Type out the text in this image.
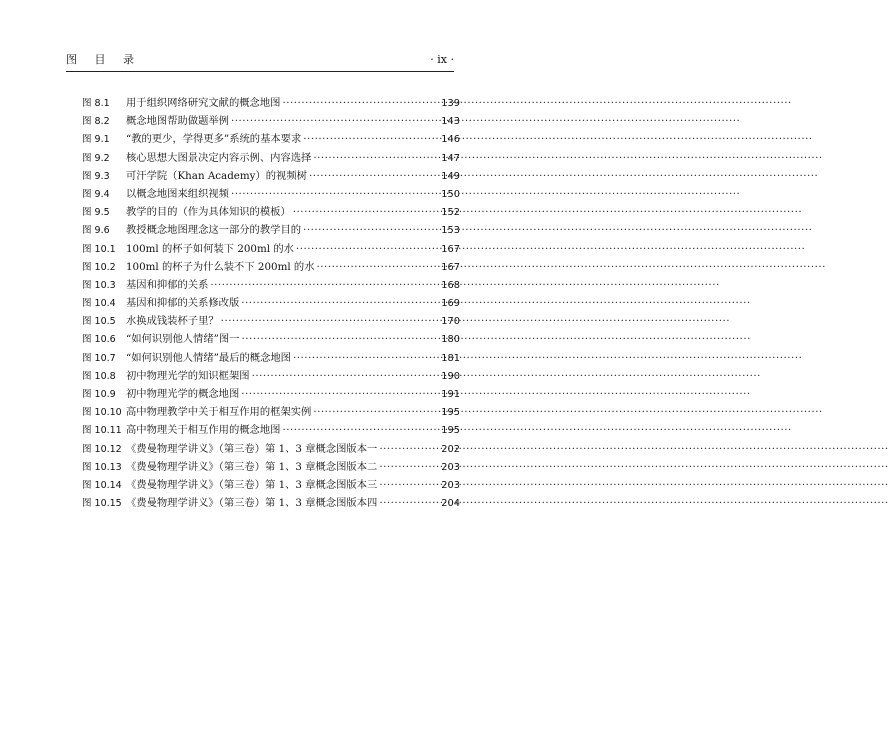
图 目 录	· ix ·
图 8.1	用于组织网络研究文献的概念地图 ·····	139
图 8.2	概念地图帮助做题举例 ·····	143
图 9.1	“教的更少，学得更多”系统的基本要求 ·····	146
图 9.2	核心思想大图景决定内容示例、内容选择 ·····	147
图 9.3	可汗学院（Khan Academy）的视频树 ·····	149
图 9.4	以概念地图来组织视频 ·····	150
图 9.5	教学的目的（作为具体知识的模板） ·····	152
图 9.6	教授概念地图理念这一部分的教学目的 ·····	153
图 10.1	100ml 的杯子如何装下 200ml 的水 ·····	167
图 10.2	100ml 的杯子为什么装不下 200ml 的水 ·····	167
图 10.3	基因和抑郁的关系 ·····	168
图 10.4	基因和抑郁的关系修改版 ·····	169
图 10.5	水换成钱装杯子里？ ·····	170
图 10.6	“如何识别他人情绪”图一 ·····	180
图 10.7	“如何识别他人情绪”最后的概念地图 ·····	181
图 10.8	初中物理光学的知识框架图 ·····	190
图 10.9	初中物理光学的概念地图 ·····	191
图 10.10 高中物理教学中关于相互作用的框架实例 ·····	195
图 10.11 高中物理关于相互作用的概念地图 ·····	195
图 10.12 《费曼物理学讲义》（第三卷）第 1、3 章概念图版本一 ·····	202
图 10.13 《费曼物理学讲义》（第三卷）第 1、3 章概念图版本二 ·····	203
图 10.14 《费曼物理学讲义》（第三卷）第 1、3 章概念图版本三 ·····	203
图 10.15 《费曼物理学讲义》（第三卷）第 1、3 章概念图版本四 ·····	204
